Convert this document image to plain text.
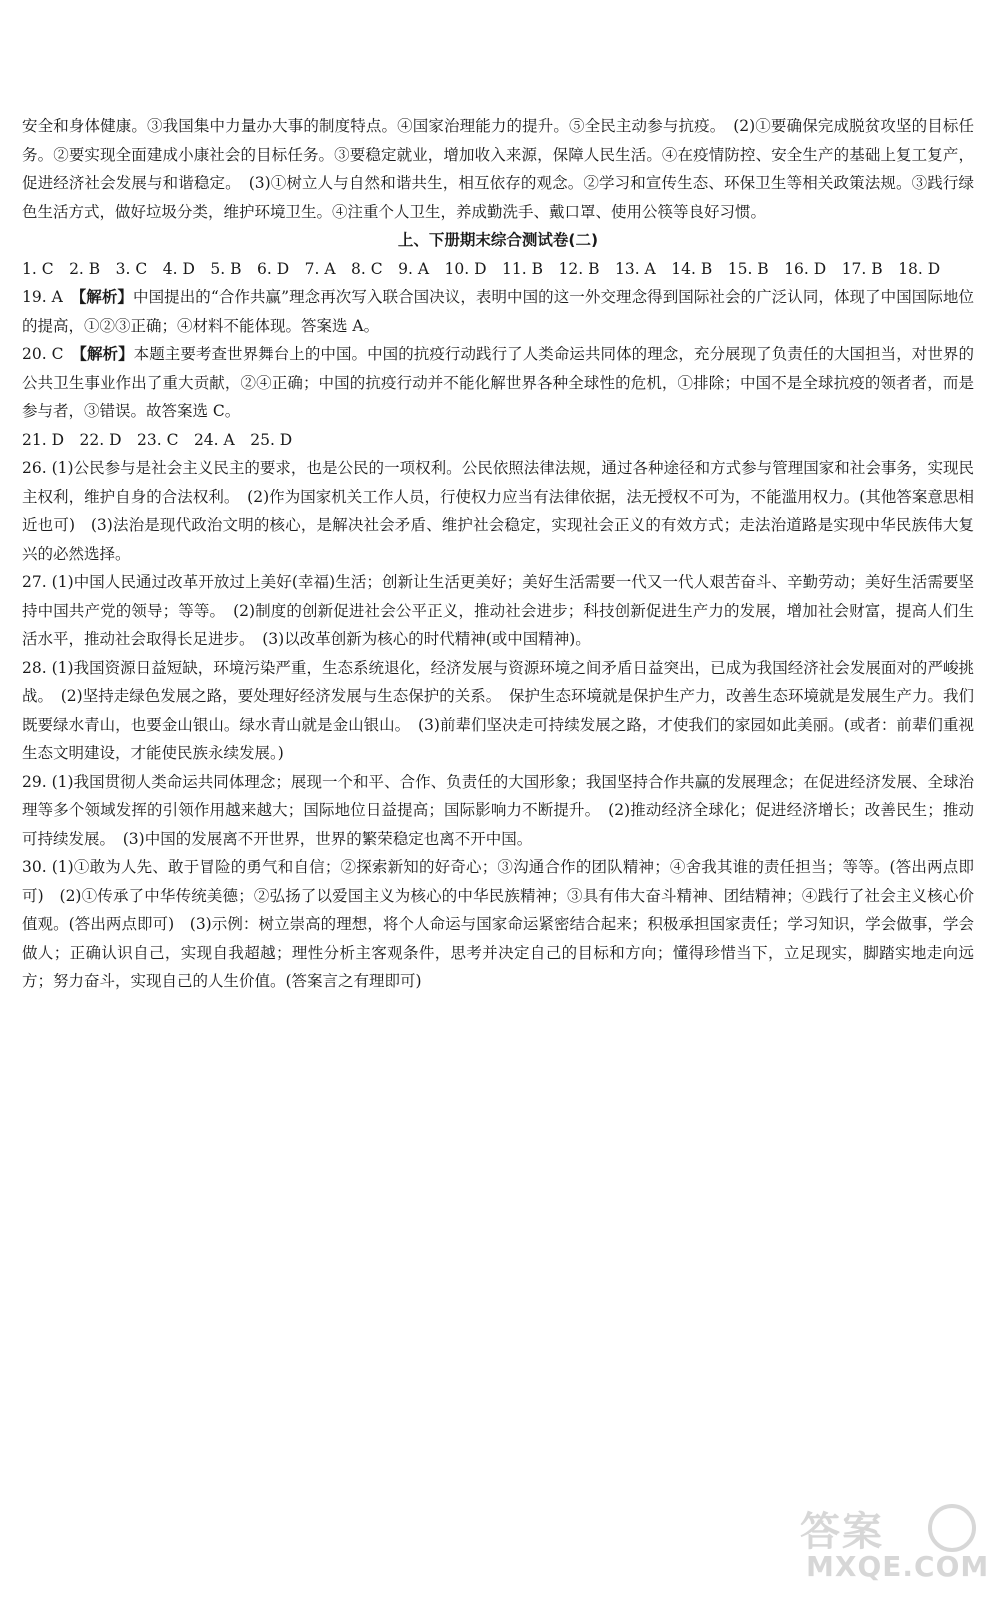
安全和身体健康。③我国集中力量办大事的制度特点。④国家治理能力的提升。⑤全民主动参与抗疫。　(2)①要确保完成脱贫攻坚的目标任务。②要实现全面建成小康社会的目标任务。③要稳定就业，增加收入来源，保障人民生活。④在疫情防控、安全生产的基础上复工复产，促进经济社会发展与和谐稳定。　(3)①树立人与自然和谐共生，相互依存的观念。②学习和宣传生态、环保卫生等相关政策法规。③践行绿色生活方式，做好垃圾分类，维护环境卫生。④注重个人卫生，养成勤洗手、戴口罩、使用公筷等良好习惯。

上、下册期末综合测试卷(二)

1. C　2. B　3. C　4. D　5. B　6. D　7. A　8. C　9. A　10. D　11. B　12. B　13. A　14. B　15. B　16. D　17. B　18. D

19. A　【解析】中国提出的“合作共赢”理念再次写入联合国决议，表明中国的这一外交理念得到国际社会的广泛认同，体现了中国国际地位的提高，①②③正确；④材料不能体现。答案选 A。

20. C　【解析】本题主要考查世界舞台上的中国。中国的抗疫行动践行了人类命运共同体的理念，充分展现了负责任的大国担当，对世界的公共卫生事业作出了重大贡献，②④正确；中国的抗疫行动并不能化解世界各种全球性的危机，①排除；中国不是全球抗疫的领者者，而是参与者，③错误。故答案选 C。

21. D　22. D　23. C　24. A　25. D

26. (1)公民参与是社会主义民主的要求，也是公民的一项权利。公民依照法律法规，通过各种途径和方式参与管理国家和社会事务，实现民主权利，维护自身的合法权利。　(2)作为国家机关工作人员，行使权力应当有法律依据，法无授权不可为，不能滥用权力。(其他答案意思相近也可)　(3)法治是现代政治文明的核心，是解决社会矛盾、维护社会稳定，实现社会正义的有效方式；走法治道路是实现中华民族伟大复兴的必然选择。

27. (1)中国人民通过改革开放过上美好(幸福)生活；创新让生活更美好；美好生活需要一代又一代人艰苦奋斗、辛勤劳动；美好生活需要坚持中国共产党的领导；等等。　(2)制度的创新促进社会公平正义，推动社会进步；科技创新促进生产力的发展，增加社会财富，提高人们生活水平，推动社会取得长足进步。　(3)以改革创新为核心的时代精神(或中国精神)。

28. (1)我国资源日益短缺，环境污染严重，生态系统退化，经济发展与资源环境之间矛盾日益突出，已成为我国经济社会发展面对的严峻挑战。　(2)坚持走绿色发展之路，要处理好经济发展与生态保护的关系。　保护生态环境就是保护生产力，改善生态环境就是发展生产力。我们既要绿水青山，也要金山银山。绿水青山就是金山银山。　(3)前辈们坚决走可持续发展之路，才使我们的家园如此美丽。(或者：前辈们重视生态文明建设，才能使民族永续发展。)

29. (1)我国贯彻人类命运共同体理念；展现一个和平、合作、负责任的大国形象；我国坚持合作共赢的发展理念；在促进经济发展、全球治理等多个领域发挥的引领作用越来越大；国际地位日益提高；国际影响力不断提升。　(2)推动经济全球化；促进经济增长；改善民生；推动可持续发展。　(3)中国的发展离不开世界，世界的繁荣稳定也离不开中国。

30. (1)①敢为人先、敢于冒险的勇气和自信；②探索新知的好奇心；③沟通合作的团队精神；④舍我其谁的责任担当；等等。(答出两点即可)　(2)①传承了中华传统美德；②弘扬了以爱国主义为核心的中华民族精神；③具有伟大奋斗精神、团结精神；④践行了社会主义核心价值观。(答出两点即可)　(3)示例：树立崇高的理想，将个人命运与国家命运紧密结合起来；积极承担国家责任；学习知识，学会做事，学会做人；正确认识自己，实现自我超越；理性分析主客观条件，思考并决定自己的目标和方向；懂得珍惜当下，立足现实，脚踏实地走向远方；努力奋斗，实现自己的人生价值。(答案言之有理即可)

答案
MXQE.COM
